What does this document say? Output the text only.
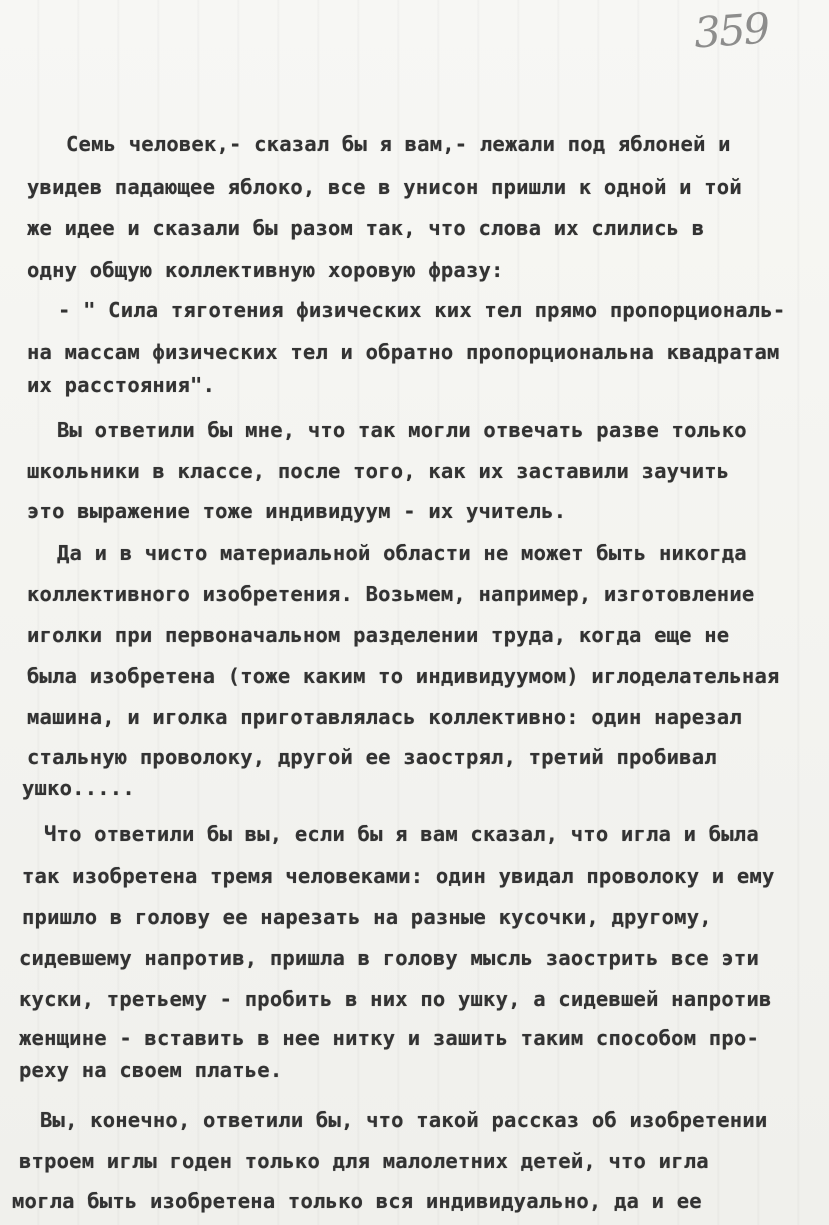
359
Семь человек,- сказал бы я вам,- лежали под яблоней и
увидев падающее яблоко, все в унисон пришли к одной и той
же идее и сказали бы разом так, что слова их слились в
одну общую коллективную хоровую фразу:
- " Сила тяготения физических ких тел прямо пропорциональ-
на массам физических тел и обратно пропорциональна квадратам
их расстояния".
Вы ответили бы мне, что так могли отвечать разве только
школьники в классе, после того, как их заставили заучить
это выражение тоже индивидуум - их учитель.
Да и в чисто материальной области не может быть никогда
коллективного изобретения. Возьмем, например, изготовление
иголки при первоначальном разделении труда, когда еще не
была изобретена (тоже каким то индивидуумом) иглоделательная
машина, и иголка приготавлялась коллективно: один нарезал
стальную проволоку, другой ее заострял, третий пробивал
ушко.....
Что ответили бы вы, если бы я вам сказал, что игла и была
так изобретена тремя человеками: один увидал проволоку и ему
пришло в голову ее нарезать на разные кусочки, другому,
сидевшему напротив, пришла в голову мысль заострить все эти
куски, третьему - пробить в них по ушку, а сидевшей напротив
женщине - вставить в нее нитку и зашить таким способом про-
реху на своем платье.
Вы, конечно, ответили бы, что такой рассказ об изобретении
втроем иглы годен только для малолетних детей, что игла
могла быть изобретена только вся индивидуально, да и ее
